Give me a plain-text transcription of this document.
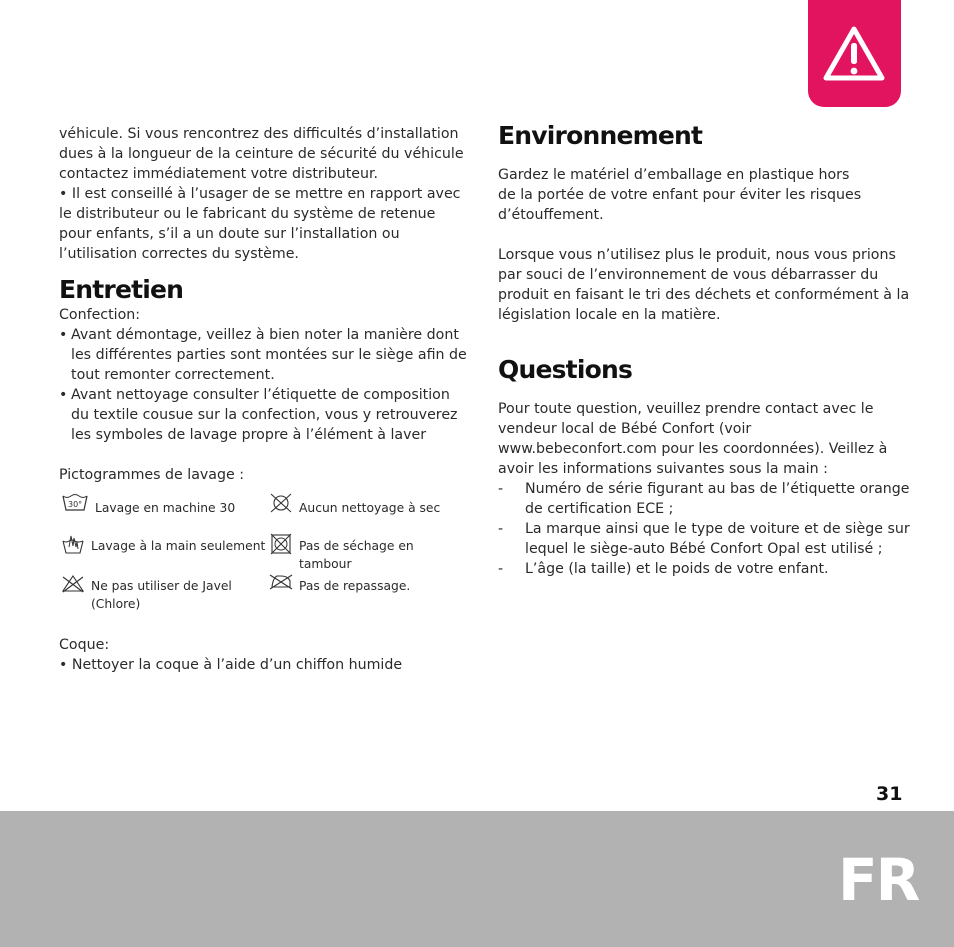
véhicule. Si vous rencontrez des difficultés d’installation dues à la longueur de la ceinture de sécurité du véhicule contactez immédiatement votre distributeur.

• Il est conseillé à l’usager de se mettre en rapport avec le distributeur ou le fabricant du système de retenue pour enfants, s’il a un doute sur l’installation ou l’utilisation correctes du système.
Entretien

Confection:

• Avant démontage, veillez à bien noter la manière dont les différentes parties sont montées sur le siège afin de tout remonter correctement.
• Avant nettoyage consulter l’étiquette de composition du textile cousue sur la confection, vous y retrouverez les symboles de lavage propre à l’élément à laver

Pictogrammes de lavage :

30° Lavage en machine 30	Aucun nettoyage à sec
Lavage à la main seulement	Pas de séchage en tambour
Ne pas utiliser de Javel (Chlore)
Pas de repassage.

Coque:

• Nettoyer la coque à l’aide d’un chiffon humide
Environnement

Gardez le matériel d’emballage en plastique hors de la portée de votre enfant pour éviter les risques d’étouffement.

Lorsque vous n’utilisez plus le produit, nous vous prions par souci de l’environnement de vous débarrasser du produit en faisant le tri des déchets et conformément à la législation locale en la matière.

Questions

Pour toute question, veuillez prendre contact avec le vendeur local de Bébé Confort (voir www.bebeconfort.com pour les coordonnées). Veillez à avoir les informations suivantes sous la main :

- Numéro de série figurant au bas de l’étiquette orange de certification ECE ;
- La marque ainsi que le type de voiture et de siège sur lequel le siège-auto Bébé Confort Opal est utilisé ;
- L’âge (la taille) et le poids de votre enfant.
31
FR
